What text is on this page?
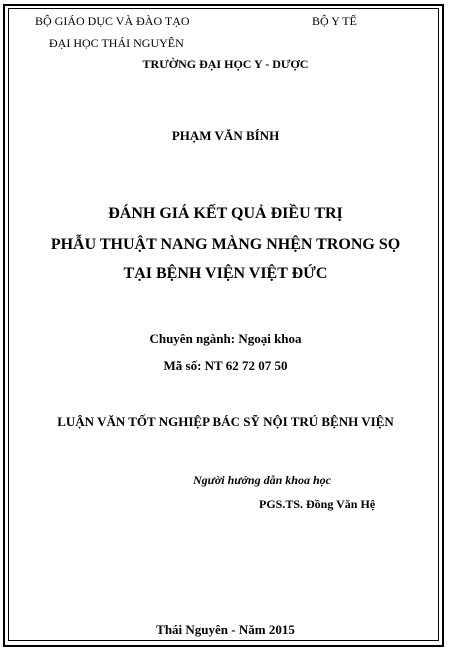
BỘ GIÁO DỤC VÀ ĐÀO TẠO	BỘ Y TẾ
ĐẠI HỌC THÁI NGUYÊN
TRƯỜNG ĐẠI HỌC Y - DƯỢC
PHẠM VĂN BÍNH
ĐÁNH GIÁ KẾT QUẢ ĐIỀU TRỊ
PHẪU THUẬT NANG MÀNG NHỆN TRONG SỌ
TẠI BỆNH VIỆN VIỆT ĐỨC
Chuyên ngành: Ngoại khoa
Mã số: NT 62 72 07 50
LUẬN VĂN TỐT NGHIỆP BÁC SỸ NỘI TRÚ BỆNH VIỆN
Người hướng dẫn khoa học
PGS.TS. Đồng Văn Hệ
Thái Nguyên - Năm 2015
